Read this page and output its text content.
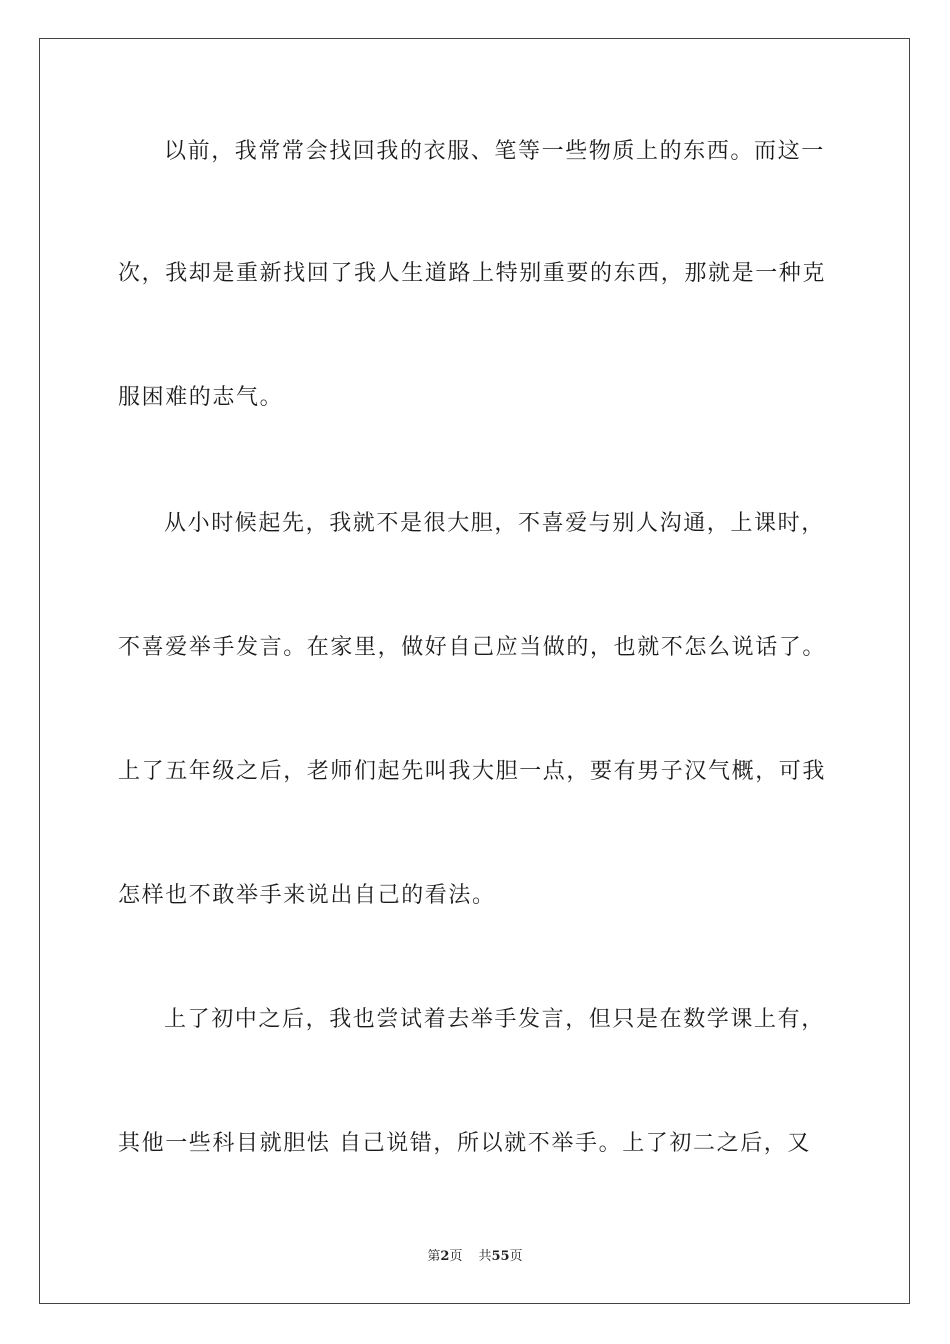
以前，我常常会找回我的衣服、笔等一些物质上的东西。而这一
次，我却是重新找回了我人生道路上特别重要的东西，那就是一种克
服困难的志气。
从小时候起先，我就不是很大胆，不喜爱与别人沟通，上课时，
不喜爱举手发言。在家里，做好自己应当做的，也就不怎么说话了。
上了五年级之后，老师们起先叫我大胆一点，要有男子汉气概，可我
怎样也不敢举手来说出自己的看法。
上了初中之后，我也尝试着去举手发言，但只是在数学课上有，
其他一些科目就胆怯 自己说错，所以就不举手。上了初二之后，又
第2页 共55页
